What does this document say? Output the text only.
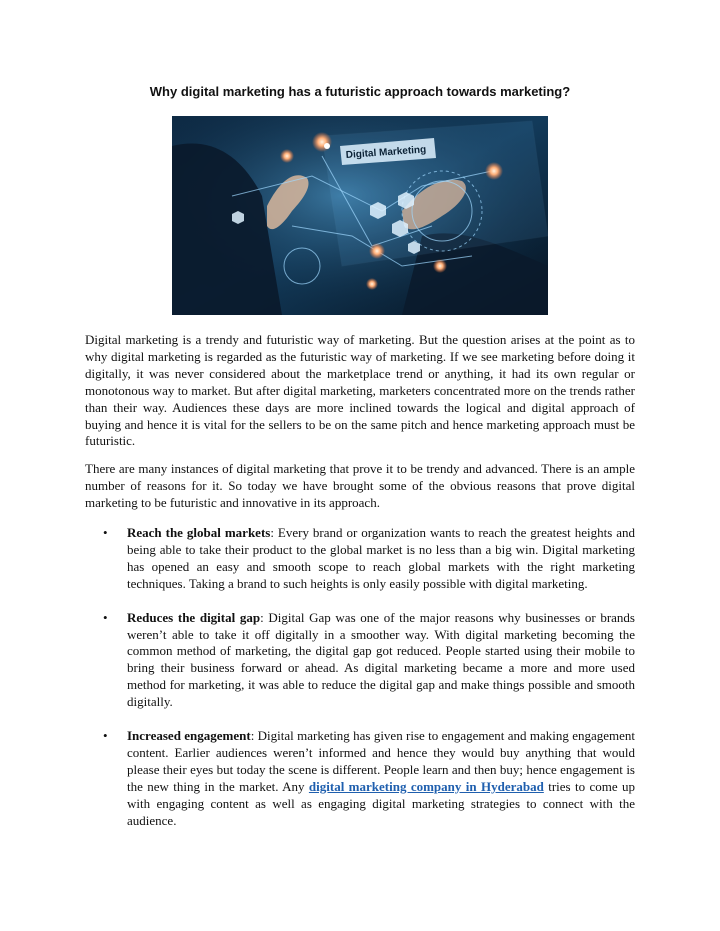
Why digital marketing has a futuristic approach towards marketing?
Digital Marketing
Digital marketing is a trendy and futuristic way of marketing. But the question arises at the point as to why digital marketing is regarded as the futuristic way of marketing. If we see marketing before doing it digitally, it was never considered about the marketplace trend or anything, it had its own regular or monotonous way to market. But after digital marketing, marketers concentrated more on the trends rather than their way. Audiences these days are more inclined towards the logical and digital approach of buying and hence it is vital for the sellers to be on the same pitch and hence marketing approach must be futuristic.
There are many instances of digital marketing that prove it to be trendy and advanced. There is an ample number of reasons for it. So today we have brought some of the obvious reasons that prove digital marketing to be futuristic and innovative in its approach.
• Reach the global markets: Every brand or organization wants to reach the greatest heights and being able to take their product to the global market is no less than a big win. Digital marketing has opened an easy and smooth scope to reach global markets with the right marketing techniques. Taking a brand to such heights is only easily possible with digital marketing.
• Reduces the digital gap: Digital Gap was one of the major reasons why businesses or brands weren’t able to take it off digitally in a smoother way. With digital marketing becoming the common method of marketing, the digital gap got reduced. People started using their mobile to bring their business forward or ahead. As digital marketing became a more and more used method for marketing, it was able to reduce the digital gap and make things possible and smooth digitally.
• Increased engagement: Digital marketing has given rise to engagement and making engagement content. Earlier audiences weren’t informed and hence they would buy anything that would please their eyes but today the scene is different. People learn and then buy; hence engagement is the new thing in the market. Any digital marketing company in Hyderabad tries to come up with engaging content as well as engaging digital marketing strategies to connect with the audience.
